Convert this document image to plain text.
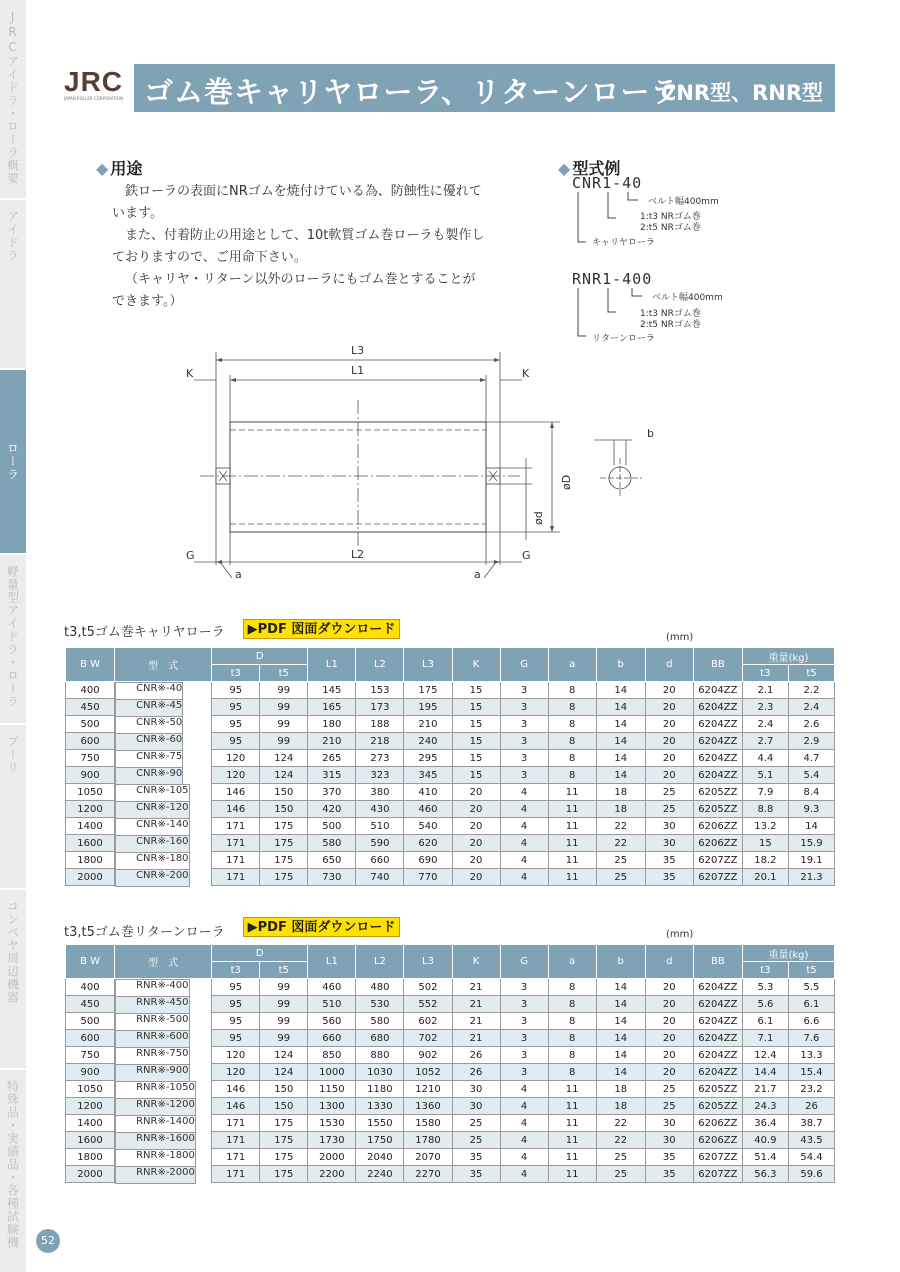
JRCアイドラ・ローラ概要
アイドラ
ローラ
軽量型アイドラ・ローラ
プーリ
コンベヤ周辺機器
特殊品・実績品・各種試験機	52
JRC
JAPAN ROLLER CORPORATION ゴム巻キャリヤローラ、リターンローラ
CNR型、RNR型
◆ 用途

鉄ローラの表面にNRゴムを焼付けている為、防蝕性に優れています。

また、付着防止の用途として、10t軟質ゴム巻ローラも製作しておりますので、ご用命下さい。

（キャリヤ・リターン以外のローラにもゴム巻とすることができます。）

◆ 型式例
CNR1-40
ベルト幅400mm
1:t3 NRゴム巻
2:t5 NRゴム巻
キャリヤローラ
RNR1-400
ベルト幅400mm
1:t3 NRゴム巻
2:t5 NRゴム巻
リターンローラ
L3
L1
L2
K	K
G	G
a	a
b
øD
ød
t3,t5ゴム巻キャリヤローラ	▶PDF 図面ダウンロード
(mm)
B W	型　式	D		L1	L2	L3	K	G	a	b	d	BB	重量(kg)	
		t3	t5										t3	t5
400		CNR※-40	95	99	145	153	175	15	3	8	14	20	6204ZZ	2.1	2.2
450		CNR※-45	95	99	165	173	195	15	3	8	14	20	6204ZZ	2.3	2.4
500		CNR※-50	95	99	180	188	210	15	3	8	14	20	6204ZZ	2.4	2.6
600		CNR※-60	95	99	210	218	240	15	3	8	14	20	6204ZZ	2.7	2.9
750		CNR※-75	120	124	265	273	295	15	3	8	14	20	6204ZZ	4.4	4.7
900		CNR※-90	120	124	315	323	345	15	3	8	14	20	6204ZZ	5.1	5.4
1050		CNR※-105	146	150	370	380	410	20	4	11	18	25	6205ZZ	7.9	8.4
1200		CNR※-120	146	150	420	430	460	20	4	11	18	25	6205ZZ	8.8	9.3
1400		CNR※-140	171	175	500	510	540	20	4	11	22	30	6206ZZ	13.2	14
1600		CNR※-160	171	175	580	590	620	20	4	11	22	30	6206ZZ	15	15.9
1800		CNR※-180	171	175	650	660	690	20	4	11	25	35	6207ZZ	18.2	19.1
2000		CNR※-200	171	175	730	740	770	20	4	11	25	35	6207ZZ	20.1	21.3
t3,t5ゴム巻リターンローラ	▶PDF 図面ダウンロード	(mm)
B W	型　式	D		L1	L2	L3	K	G	a	b	d	BB	重量(kg)	
		t3	t5										t3	t5
400		RNR※-400	95	99	460	480	502	21	3	8	14	20	6204ZZ	5.3	5.5
450		RNR※-450	95	99	510	530	552	21	3	8	14	20	6204ZZ	5.6	6.1
500		RNR※-500	95	99	560	580	602	21	3	8	14	20	6204ZZ	6.1	6.6
600		RNR※-600	95	99	660	680	702	21	3	8	14	20	6204ZZ	7.1	7.6
750		RNR※-750	120	124	850	880	902	26	3	8	14	20	6204ZZ	12.4	13.3
900		RNR※-900	120	124	1000	1030	1052	26	3	8	14	20	6204ZZ	14.4	15.4
1050		RNR※-1050	146	150	1150	1180	1210	30	4	11	18	25	6205ZZ	21.7	23.2
1200		RNR※-1200	146	150	1300	1330	1360	30	4	11	18	25	6205ZZ	24.3	26
1400		RNR※-1400	171	175	1530	1550	1580	25	4	11	22	30	6206ZZ	36.4	38.7
1600		RNR※-1600	171	175	1730	1750	1780	25	4	11	22	30	6206ZZ	40.9	43.5
1800		RNR※-1800	171	175	2000	2040	2070	35	4	11	25	35	6207ZZ	51.4	54.4
2000		RNR※-2000	171	175	2200	2240	2270	35	4	11	25	35	6207ZZ	56.3	59.6
